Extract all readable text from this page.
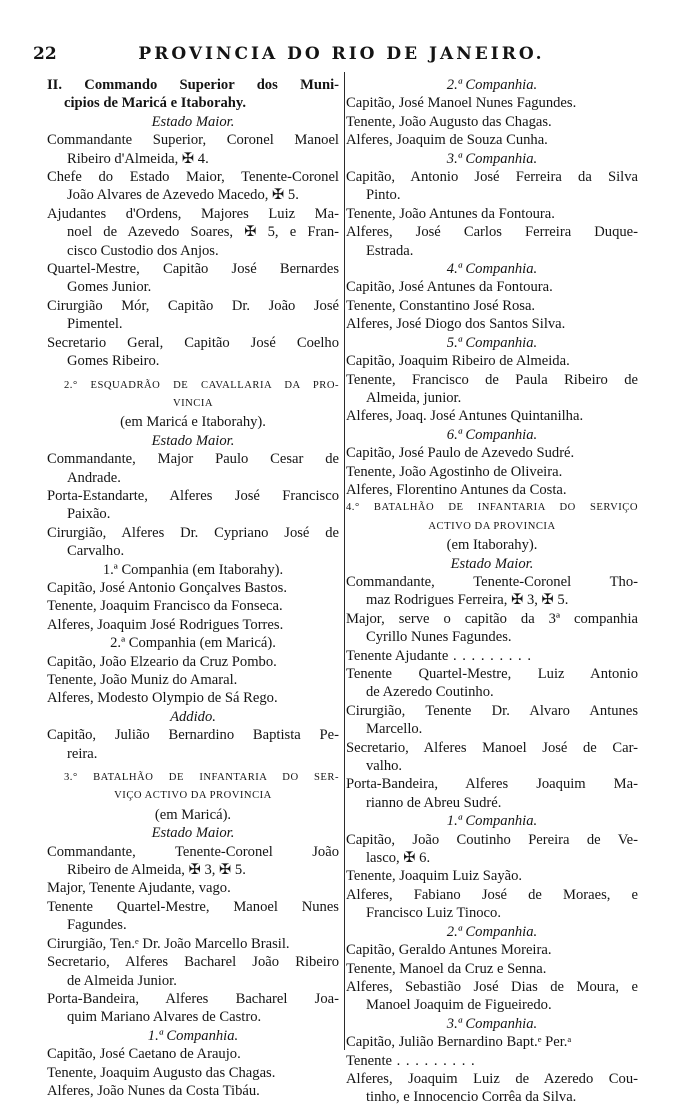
22	PROVINCIA DO RIO DE JANEIRO.
II. Commando Superior dos Muni-
cipios de Maricá e Itaborahy.
Estado Maior.
Commandante Superior, Coronel Manoel
Ribeiro d'Almeida, ✠ 4.
Chefe do Estado Maior, Tenente-Coronel
João Alvares de Azevedo Macedo, ✠ 5.
Ajudantes d'Ordens, Majores Luiz Ma-
noel de Azevedo Soares, ✠ 5, e Fran-
cisco Custodio dos Anjos.
Quartel-Mestre, Capitão José Bernardes
Gomes Junior.
Cirurgião Mór, Capitão Dr. João José
Pimentel.
Secretario Geral, Capitão José Coelho
Gomes Ribeiro.
2.° ESQUADRÃO DE CAVALLARIA DA PRO-
VINCIA
(em Maricá e Itaborahy).
Estado Maior.
Commandante, Major Paulo Cesar de
Andrade.
Porta-Estandarte, Alferes José Francisco
Paixão.
Cirurgião, Alferes Dr. Cypriano José de
Carvalho.
1.ª Companhia (em Itaborahy).
Capitão, José Antonio Gonçalves Bastos.
Tenente, Joaquim Francisco da Fonseca.
Alferes, Joaquim José Rodrigues Torres.
2.ª Companhia (em Maricá).
Capitão, João Elzeario da Cruz Pombo.
Tenente, João Muniz do Amaral.
Alferes, Modesto Olympio de Sá Rego.
Addido.
Capitão, Julião Bernardino Baptista Pe-
reira.
3.° BATALHÃO DE INFANTARIA DO SER-
VIÇO ACTIVO DA PROVINCIA
(em Maricá).
Estado Maior.
Commandante, Tenente-Coronel João
Ribeiro de Almeida, ✠ 3, ✠ 5.
Major, Tenente Ajudante, vago.
Tenente Quartel-Mestre, Manoel Nunes
Fagundes.
Cirurgião, Ten.ᵉ Dr. João Marcello Brasil.
Secretario, Alferes Bacharel João Ribeiro
de Almeida Junior.
Porta-Bandeira, Alferes Bacharel Joa-
quim Mariano Alvares de Castro.
1.ª Companhia.
Capitão, José Caetano de Araujo.
Tenente, Joaquim Augusto das Chagas.
Alferes, João Nunes da Costa Tibáu.
2.ª Companhia.
Capitão, José Manoel Nunes Fagundes.
Tenente, João Augusto das Chagas.
Alferes, Joaquim de Souza Cunha.
3.ª Companhia.
Capitão, Antonio José Ferreira da Silva
Pinto.
Tenente, João Antunes da Fontoura.
Alferes, José Carlos Ferreira Duque-
Estrada.
4.ª Companhia.
Capitão, José Antunes da Fontoura.
Tenente, Constantino José Rosa.
Alferes, José Diogo dos Santos Silva.
5.ª Companhia.
Capitão, Joaquim Ribeiro de Almeida.
Tenente, Francisco de Paula Ribeiro de
Almeida, junior.
Alferes, Joaq. José Antunes Quintanilha.
6.ª Companhia.
Capitão, José Paulo de Azevedo Sudré.
Tenente, João Agostinho de Oliveira.
Alferes, Florentino Antunes da Costa.
4.° BATALHÃO DE INFANTARIA DO SERVIÇO
ACTIVO DA PROVINCIA
(em Itaborahy).
Estado Maior.
Commandante, Tenente-Coronel Tho-
maz Rodrigues Ferreira, ✠ 3, ✠ 5.
Major, serve o capitão da 3ª companhia
Cyrillo Nunes Fagundes.
Tenente Ajudante . . .
Tenente Quartel-Mestre, Luiz Antonio
de Azeredo Coutinho.
Cirurgião, Tenente Dr. Alvaro Antunes
Marcello.
Secretario, Alferes Manoel José de Car-
valho.
Porta-Bandeira, Alferes Joaquim Ma-
rianno de Abreu Sudré.
1.ª Companhia.
Capitão, João Coutinho Pereira de Ve-
lasco, ✠ 6.
Tenente, Joaquim Luiz Sayão.
Alferes, Fabiano José de Moraes, e
Francisco Luiz Tinoco.
2.ª Companhia.
Capitão, Geraldo Antunes Moreira.
Tenente, Manoel da Cruz e Senna.
Alferes, Sebastião José Dias de Moura, e
Manoel Joaquim de Figueiredo.
3.ª Companhia.
Capitão, Julião Bernardino Bapt.ᵉ Per.ᵃ
Tenente . . .
Alferes, Joaquim Luiz de Azeredo Cou-
tinho, e Innocencio Corrêa da Silva.
